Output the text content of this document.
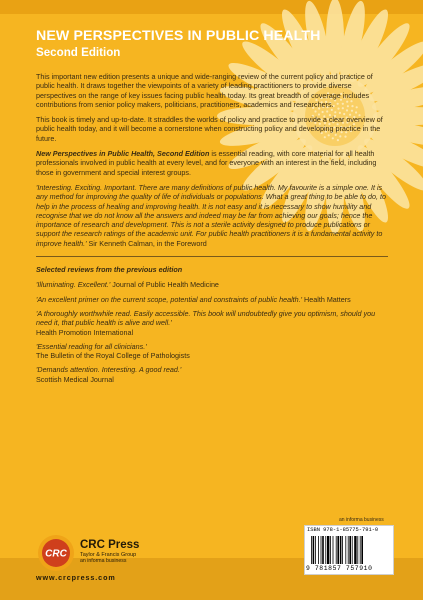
NEW PERSPECTIVES IN PUBLIC HEALTH
Second Edition

This important new edition presents a unique and wide-ranging review of the current policy and practice of public health. It draws together the viewpoints of a variety of leading practitioners to provide diverse perspectives on the range of key issues facing public health today. Its great breadth of coverage includes contributions from senior policy makers, politicians, practitioners, academics and researchers.

This book is timely and up-to-date. It straddles the worlds of policy and practice to provide a clear overview of public health today, and it will become a cornerstone when constructing policy and developing practice in the future.

New Perspectives in Public Health, Second Edition is essential reading, with core material for all health professionals involved in public health at every level, and for everyone with an interest in the field, including those in government and special interest groups.

'Interesting. Exciting. Important. There are many definitions of public health. My favourite is a simple one. It is any method for improving the quality of life of individuals or populations. What a great thing to be able to do, to help in the process of healing and improving health. It is not easy and it is necessary to show humility and recognise that we do not know all the answers and indeed may be far from achieving our goals; hence the importance of research and development. This is not a sterile activity designed to produce publications or support the research ratings of the academic unit. For public health practitioners it is a fundamental activity to improve health.' Sir Kenneth Calman, in the Foreword

Selected reviews from the previous edition

'Illuminating. Excellent.' Journal of Public Health Medicine

'An excellent primer on the current scope, potential and constraints of public health.' Health Matters

'A thoroughly worthwhile read. Easily accessible. This book will undoubtedly give you optimism, should you need it, that public health is alive and well.'
Health Promotion International

'Essential reading for all clinicians.'
The Bulletin of the Royal College of Pathologists

'Demands attention. Interesting. A good read.'
Scottish Medical Journal

an informa business
ISBN 978-1-85775-791-0
9 781857 757910
CRC
CRC Press
Taylor & Francis Group
an informa business
www.crcpress.com
